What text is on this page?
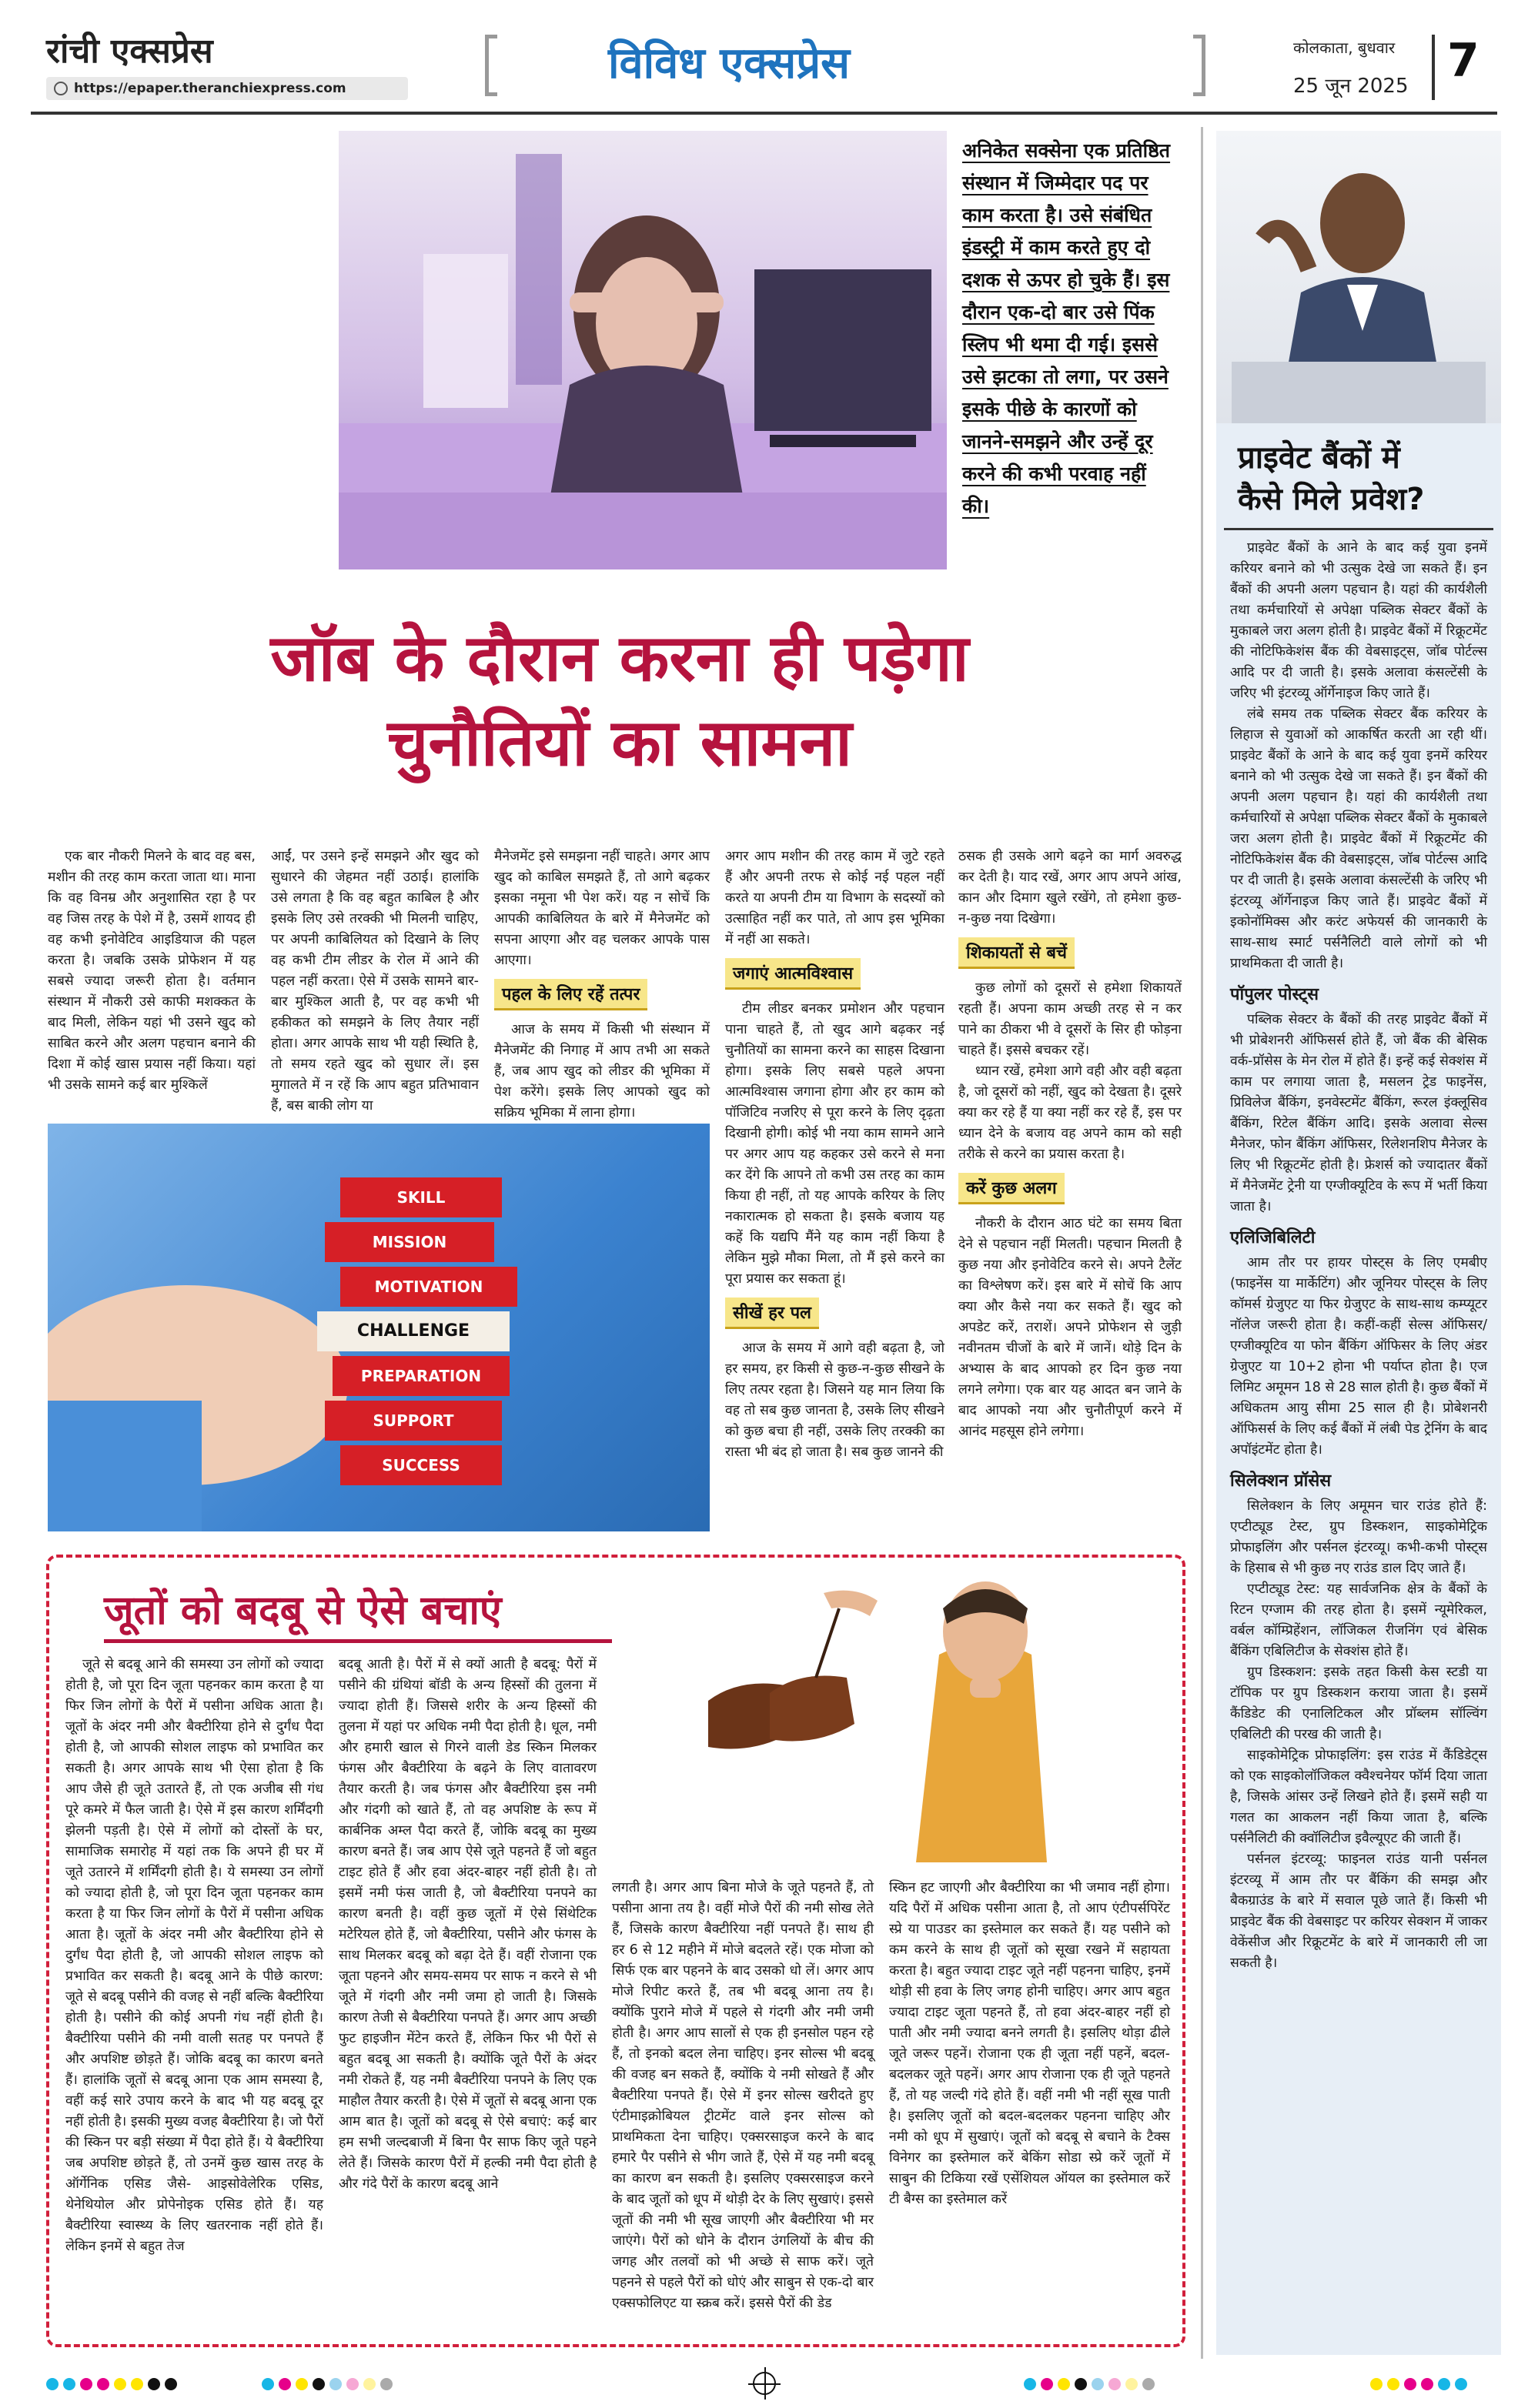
रांची एक्सप्रेस
https://epaper.theranchiexpress.com	विविध एक्सप्रेस	कोलकाता, बुधवार
25 जून 2025 7
अनिकेत सक्सेना एक प्रतिष्ठित संस्थान में जिम्मेदार पद पर काम करता है। उसे संबंधित इंडस्ट्री में काम करते हुए दो दशक से ऊपर हो चुके हैं। इस दौरान एक-दो बार उसे पिंक स्लिप भी थमा दी गई। इससे उसे झटका तो लगा, पर उसने इसके पीछे के कारणों को जानने-समझने और उन्हें दूर करने की कभी परवाह नहीं की।
जॉब के दौरान करना ही पड़ेगा
चुनौतियों का सामना

एक बार नौकरी मिलने के बाद वह बस, मशीन की तरह काम करता जाता था। माना कि वह विनम्र और अनुशासित रहा है पर वह जिस तरह के पेशे में है, उसमें शायद ही वह कभी इनोवेटिव आइडियाज की पहल करता है। जबकि उसके प्रोफेशन में यह सबसे ज्यादा जरूरी होता है। वर्तमान संस्थान में नौकरी उसे काफी मशक्कत के बाद मिली, लेकिन यहां भी उसने खुद को साबित करने और अलग पहचान बनाने की दिशा में कोई खास प्रयास नहीं किया। यहां भी उसके सामने कई बार मुश्किलें

आईं, पर उसने इन्हें समझने और खुद को सुधारने की जेहमत नहीं उठाई। हालांकि उसे लगता है कि वह बहुत काबिल है और इसके लिए उसे तरक्की भी मिलनी चाहिए, पर अपनी काबिलियत को दिखाने के लिए वह कभी टीम लीडर के रोल में आने की पहल नहीं करता। ऐसे में उसके सामने बार-बार मुश्किल आती है, पर वह कभी भी हकीकत को समझने के लिए तैयार नहीं होता। अगर आपके साथ भी यही स्थिति है, तो समय रहते खुद को सुधार लें। इस मुगालते में न रहें कि आप बहुत प्रतिभावान हैं, बस बाकी लोग या

मैनेजमेंट इसे समझना नहीं चाहते। अगर आप खुद को काबिल समझते हैं, तो आगे बढ़कर इसका नमूना भी पेश करें। यह न सोचें कि आपकी काबिलियत के बारे में मैनेजमेंट को सपना आएगा और वह चलकर आपके पास आएगा।

पहल के लिए रहें तत्पर

आज के समय में किसी भी संस्थान में मैनेजमेंट की निगाह में आप तभी आ सकते हैं, जब आप खुद को लीडर की भूमिका में पेश करेंगे। इसके लिए आपको खुद को सक्रिय भूमिका में लाना होगा।

SKILL
MISSION
MOTIVATION
CHALLENGE
PREPARATION
SUPPORT
SUCCESS

अगर आप मशीन की तरह काम में जुटे रहते हैं और अपनी तरफ से कोई नई पहल नहीं करते या अपनी टीम या विभाग के सदस्यों को उत्साहित नहीं कर पाते, तो आप इस भूमिका में नहीं आ सकते।

जगाएं आत्मविश्वास

टीम लीडर बनकर प्रमोशन और पहचान पाना चाहते हैं, तो खुद आगे बढ़कर नई चुनौतियों का सामना करने का साहस दिखाना होगा। इसके लिए सबसे पहले अपना आत्मविश्वास जगाना होगा और हर काम को पॉजिटिव नजरिए से पूरा करने के लिए दृढ़ता दिखानी होगी। कोई भी नया काम सामने आने पर अगर आप यह कहकर उसे करने से मना कर देंगे कि आपने तो कभी उस तरह का काम किया ही नहीं, तो यह आपके करियर के लिए नकारात्मक हो सकता है। इसके बजाय यह कहें कि यद्यपि मैंने यह काम नहीं किया है लेकिन मुझे मौका मिला, तो मैं इसे करने का पूरा प्रयास कर सकता हूं।

सीखें हर पल

आज के समय में आगे वही बढ़ता है, जो हर समय, हर किसी से कुछ-न-कुछ सीखने के लिए तत्पर रहता है। जिसने यह मान लिया कि वह तो सब कुछ जानता है, उसके लिए सीखने को कुछ बचा ही नहीं, उसके लिए तरक्की का रास्ता भी बंद हो जाता है। सब कुछ जानने की

ठसक ही उसके आगे बढ़ने का मार्ग अवरुद्ध कर देती है। याद रखें, अगर आप अपने आंख, कान और दिमाग खुले रखेंगे, तो हमेशा कुछ-न-कुछ नया दिखेगा।

शिकायतों से बचें

कुछ लोगों को दूसरों से हमेशा शिकायतें रहती हैं। अपना काम अच्छी तरह से न कर पाने का ठीकरा भी वे दूसरों के सिर ही फोड़ना चाहते हैं। इससे बचकर रहें।

ध्यान रखें, हमेशा आगे वही और वही बढ़ता है, जो दूसरों को नहीं, खुद को देखता है। दूसरे क्या कर रहे हैं या क्या नहीं कर रहे हैं, इस पर ध्यान देने के बजाय वह अपने काम को सही तरीके से करने का प्रयास करता है।

करें कुछ अलग

नौकरी के दौरान आठ घंटे का समय बिता देने से पहचान नहीं मिलती। पहचान मिलती है कुछ नया और इनोवेटिव करने से। अपने टैलेंट का विश्लेषण करें। इस बारे में सोचें कि आप क्या और कैसे नया कर सकते हैं। खुद को अपडेट करें, तराशें। अपने प्रोफेशन से जुड़ी नवीनतम चीजों के बारे में जानें। थोड़े दिन के अभ्यास के बाद आपको हर दिन कुछ नया लगने लगेगा। एक बार यह आदत बन जाने के बाद आपको नया और चुनौतीपूर्ण करने में आनंद महसूस होने लगेगा।

जूतों को बदबू से ऐसे बचाएं

जूते से बदबू आने की समस्या उन लोगों को ज्यादा होती है, जो पूरा दिन जूता पहनकर काम करता है या फिर जिन लोगों के पैरों में पसीना अधिक आता है। जूतों के अंदर नमी और बैक्टीरिया होने से दुर्गंध पैदा होती है, जो आपकी सोशल लाइफ को प्रभावित कर सकती है। अगर आपके साथ भी ऐसा होता है कि आप जैसे ही जूते उतारते हैं, तो एक अजीब सी गंध पूरे कमरे में फैल जाती है। ऐसे में इस कारण शर्मिंदगी झेलनी पड़ती है। ऐसे में लोगों को दोस्तों के घर, सामाजिक समारोह में यहां तक कि अपने ही घर में जूते उतारने में शर्मिंदगी होती है। ये समस्या उन लोगों को ज्यादा होती है, जो पूरा दिन जूता पहनकर काम करता है या फिर जिन लोगों के पैरों में पसीना अधिक आता है। जूतों के अंदर नमी और बैक्टीरिया होने से दुर्गंध पैदा होती है, जो आपकी सोशल लाइफ को प्रभावित कर सकती है। बदबू आने के पीछे कारण: जूते से बदबू पसीने की वजह से नहीं बल्कि बैक्टीरिया होती है। पसीने की कोई अपनी गंध नहीं होती है। बैक्टीरिया पसीने की नमी वाली सतह पर पनपते हैं और अपशिष्ट छोड़ते हैं। जोकि बदबू का कारण बनते हैं। हालांकि जूतों से बदबू आना एक आम समस्या है, वहीं कई सारे उपाय करने के बाद भी यह बदबू दूर नहीं होती है। इसकी मुख्य वजह बैक्टीरिया है। जो पैरों की स्किन पर बड़ी संख्या में पैदा होते हैं। ये बैक्टीरिया जब अपशिष्ट छोड़ते हैं, तो उनमें कुछ खास तरह के ऑर्गेनिक एसिड जैसे- आइसोवेलेरिक एसिड, थेनेथियोल और प्रोपेनोइक एसिड होते हैं। यह बैक्टीरिया स्वास्थ्य के लिए खतरनाक नहीं होते हैं। लेकिन इनमें से बहुत तेज

बदबू आती है। पैरों में से क्यों आती है बदबू: पैरों में पसीने की ग्रंथियां बॉडी के अन्य हिस्सों की तुलना में ज्यादा होती हैं। जिससे शरीर के अन्य हिस्सों की तुलना में यहां पर अधिक नमी पैदा होती है। धूल, नमी और हमारी खाल से गिरने वाली डेड स्किन मिलकर फंगस और बैक्टीरिया के बढ़ने के लिए वातावरण तैयार करती है। जब फंगस और बैक्टीरिया इस नमी और गंदगी को खाते हैं, तो वह अपशिष्ट के रूप में कार्बनिक अम्ल पैदा करते हैं, जोकि बदबू का मुख्य कारण बनते हैं। जब आप ऐसे जूते पहनते हैं जो बहुत टाइट होते हैं और हवा अंदर-बाहर नहीं होती है। तो इसमें नमी फंस जाती है, जो बैक्टीरिया पनपने का कारण बनती है। वहीं कुछ जूतों में ऐसे सिंथेटिक मटेरियल होते हैं, जो बैक्टीरिया, पसीने और फंगस के साथ मिलकर बदबू को बढ़ा देते हैं। वहीं रोजाना एक जूता पहनने और समय-समय पर साफ न करने से भी जूते में गंदगी और नमी जमा हो जाती है। जिसके कारण तेजी से बैक्टीरिया पनपते हैं। अगर आप अच्छी फुट हाइजीन मेंटेन करते हैं, लेकिन फिर भी पैरों से बहुत बदबू आ सकती है। क्योंकि जूते पैरों के अंदर नमी रोकते हैं, यह नमी बैक्टीरिया पनपने के लिए एक माहौल तैयार करती है। ऐसे में जूतों से बदबू आना एक आम बात है। जूतों को बदबू से ऐसे बचाएं: कई बार हम सभी जल्दबाजी में बिना पैर साफ किए जूते पहने लेते हैं। जिसके कारण पैरों में हल्की नमी पैदा होती है और गंदे पैरों के कारण बदबू आने

लगती है। अगर आप बिना मोजे के जूते पहनते हैं, तो पसीना आना तय है। वहीं मोजे पैरों की नमी सोख लेते हैं, जिसके कारण बैक्टीरिया नहीं पनपते हैं। साथ ही हर 6 से 12 महीने में मोजे बदलते रहें। एक मोजा को सिर्फ एक बार पहनने के बाद उसको धो लें। अगर आप मोजे रिपीट करते हैं, तब भी बदबू आना तय है। क्योंकि पुराने मोजे में पहले से गंदगी और नमी जमी होती है। अगर आप सालों से एक ही इनसोल पहन रहे हैं, तो इनको बदल लेना चाहिए। इनर सोल्स भी बदबू की वजह बन सकते हैं, क्योंकि ये नमी सोखते हैं और बैक्टीरिया पनपते हैं। ऐसे में इनर सोल्स खरीदते हुए एंटीमाइक्रोबियल ट्रीटमेंट वाले इनर सोल्स को प्राथमिकता देना चाहिए। एक्सरसाइज करने के बाद हमारे पैर पसीने से भीग जाते हैं, ऐसे में यह नमी बदबू का कारण बन सकती है। इसलिए एक्सरसाइज करने के बाद जूतों को धूप में थोड़ी देर के लिए सुखाएं। इससे जूतों की नमी भी सूख जाएगी और बैक्टीरिया भी मर जाएंगे। पैरों को धोने के दौरान उंगलियों के बीच की जगह और तलवों को भी अच्छे से साफ करें। जूते पहनने से पहले पैरों को धोएं और साबुन से एक-दो बार एक्सफोलिएट या स्क्रब करें। इससे पैरों की डेड

स्किन हट जाएगी और बैक्टीरिया का भी जमाव नहीं होगा। यदि पैरों में अधिक पसीना आता है, तो आप एंटीपर्सपिरेंट स्प्रे या पाउडर का इस्तेमाल कर सकते हैं। यह पसीने को कम करने के साथ ही जूतों को सूखा रखने में सहायता करता है। बहुत ज्यादा टाइट जूते नहीं पहनना चाहिए, इनमें थोड़ी सी हवा के लिए जगह होनी चाहिए। अगर आप बहुत ज्यादा टाइट जूता पहनते हैं, तो हवा अंदर-बाहर नहीं हो पाती और नमी ज्यादा बनने लगती है। इसलिए थोड़ा ढीले जूते जरूर पहनें। रोजाना एक ही जूता नहीं पहनें, बदल-बदलकर जूते पहनें। अगर आप रोजाना एक ही जूते पहनते हैं, तो यह जल्दी गंदे होते हैं। वहीं नमी भी नहीं सूख पाती है। इसलिए जूतों को बदल-बदलकर पहनना चाहिए और नमी को धूप में सुखाएं। जूतों को बदबू से बचाने के टैक्स विनेगर का इस्तेमाल करें बेकिंग सोडा स्प्रे करें जूतों में साबुन की टिकिया रखें एसेंशियल ऑयल का इस्तेमाल करें टी बैग्स का इस्तेमाल करें

प्राइवेट बैंकों में
कैसे मिले प्रवेश?

प्राइवेट बैंकों के आने के बाद कई युवा इनमें करियर बनाने को भी उत्सुक देखे जा सकते हैं। इन बैंकों की अपनी अलग पहचान है। यहां की कार्यशैली तथा कर्मचारियों से अपेक्षा पब्लिक सेक्टर बैंकों के मुकाबले जरा अलग होती है। प्राइवेट बैंकों में रिक्रूटमेंट की नोटिफिकेशंस बैंक की वेबसाइट्स, जॉब पोर्टल्स आदि पर दी जाती है। इसके अलावा कंसल्टेंसी के जरिए भी इंटरव्यू ऑर्गेनाइज किए जाते हैं।

लंबे समय तक पब्लिक सेक्टर बैंक करियर के लिहाज से युवाओं को आकर्षित करती आ रही थीं। प्राइवेट बैंकों के आने के बाद कई युवा इनमें करियर बनाने को भी उत्सुक देखे जा सकते हैं। इन बैंकों की अपनी अलग पहचान है। यहां की कार्यशैली तथा कर्मचारियों से अपेक्षा पब्लिक सेक्टर बैंकों के मुकाबले जरा अलग होती है। प्राइवेट बैंकों में रिक्रूटमेंट की नोटिफिकेशंस बैंक की वेबसाइट्स, जॉब पोर्टल्स आदि पर दी जाती है। इसके अलावा कंसल्टेंसी के जरिए भी इंटरव्यू ऑर्गेनाइज किए जाते हैं। प्राइवेट बैंकों में इकोनॉमिक्स और करंट अफेयर्स की जानकारी के साथ-साथ स्मार्ट पर्सनैलिटी वाले लोगों को भी प्राथमिकता दी जाती है।

पॉपुलर पोस्ट्स

पब्लिक सेक्टर के बैंकों की तरह प्राइवेट बैंकों में भी प्रोबेशनरी ऑफिसर्स होते हैं, जो बैंक की बेसिक वर्क-प्रॉसेस के मेन रोल में होते हैं। इन्हें कई सेक्शंस में काम पर लगाया जाता है, मसलन ट्रेड फाइनेंस, प्रिविलेज बैंकिंग, इनवेस्टमेंट बैंकिंग, रूरल इंक्लूसिव बैंकिंग, रिटेल बैंकिंग आदि। इसके अलावा सेल्स मैनेजर, फोन बैंकिंग ऑफिसर, रिलेशनशिप मैनेजर के लिए भी रिक्रूटमेंट होती है। फ्रेशर्स को ज्यादातर बैंकों में मैनेजमेंट ट्रेनी या एग्जीक्यूटिव के रूप में भर्ती किया जाता है।

एलिजिबिलिटी

आम तौर पर हायर पोस्ट्स के लिए एमबीए (फाइनेंस या मार्केटिंग) और जूनियर पोस्ट्स के लिए कॉमर्स ग्रेजुएट या फिर ग्रेजुएट के साथ-साथ कम्प्यूटर नॉलेज जरूरी होता है। कहीं-कहीं सेल्स ऑफिसर/ एग्जीक्यूटिव या फोन बैंकिंग ऑफिसर के लिए अंडर ग्रेजुएट या 10+2 होना भी पर्याप्त होता है। एज लिमिट अमूमन 18 से 28 साल होती है। कुछ बैंकों में अधिकतम आयु सीमा 25 साल ही है। प्रोबेशनरी ऑफिसर्स के लिए कई बैंकों में लंबी पेड ट्रेनिंग के बाद अपॉइंटमेंट होता है।

सिलेक्शन प्रॉसेस

सिलेक्शन के लिए अमूमन चार राउंड होते हैं: एप्टीट्यूड टेस्ट, ग्रुप डिस्कशन, साइकोमेट्रिक प्रोफाइलिंग और पर्सनल इंटरव्यू। कभी-कभी पोस्ट्स के हिसाब से भी कुछ नए राउंड डाल दिए जाते हैं।

एप्टीट्यूड टेस्ट: यह सार्वजनिक क्षेत्र के बैंकों के रिटन एग्जाम की तरह होता है। इसमें न्यूमेरिकल, वर्बल कॉम्प्रिहेंशन, लॉजिकल रीजनिंग एवं बेसिक बैंकिंग एबिलिटीज के सेक्शंस होते हैं।

ग्रुप डिस्कशन: इसके तहत किसी केस स्टडी या टॉपिक पर ग्रुप डिस्कशन कराया जाता है। इसमें कैंडिडेट की एनालिटिकल और प्रॉब्लम सॉल्विंग एबिलिटी की परख की जाती है।

साइकोमेट्रिक प्रोफाइलिंग: इस राउंड में कैंडिडेट्स को एक साइकोलॉजिकल क्वैश्चनेयर फॉर्म दिया जाता है, जिसके आंसर उन्हें लिखने होते हैं। इसमें सही या गलत का आकलन नहीं किया जाता है, बल्कि पर्सनैलिटी की क्वॉलिटीज इवैल्यूएट की जाती हैं।

पर्सनल इंटरव्यू: फाइनल राउंड यानी पर्सनल इंटरव्यू में आम तौर पर बैंकिंग की समझ और बैकग्राउंड के बारे में सवाल पूछे जाते हैं। किसी भी प्राइवेट बैंक की वेबसाइट पर करियर सेक्शन में जाकर वेकेंसीज और रिक्रूटमेंट के बारे में जानकारी ली जा सकती है।
